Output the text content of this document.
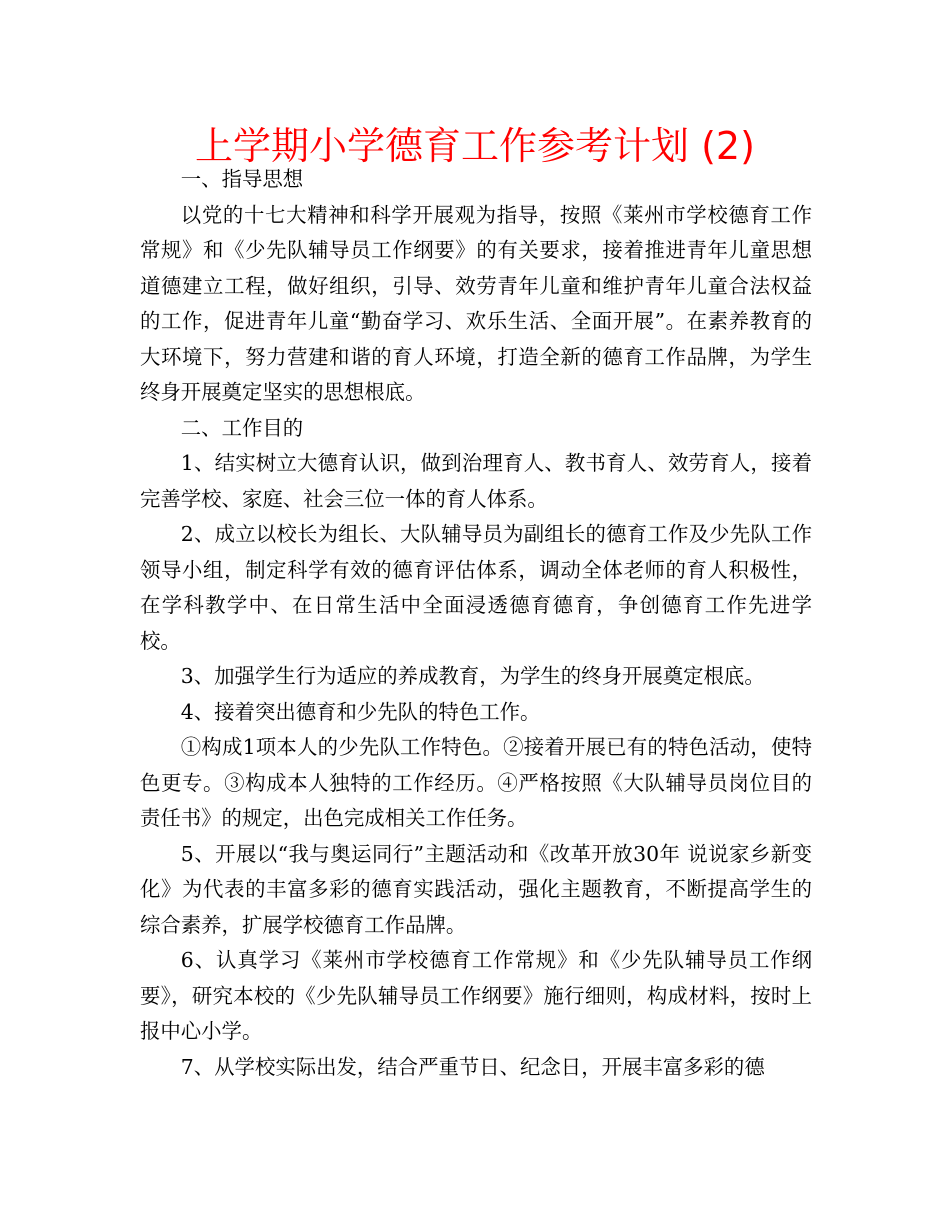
上学期小学德育工作参考计划 (2)

一、指导思想

以党的十七大精神和科学开展观为指导，按照《莱州市学校德育工作常规》和《少先队辅导员工作纲要》的有关要求，接着推进青年儿童思想道德建立工程，做好组织，引导、效劳青年儿童和维护青年儿童合法权益的工作，促进青年儿童“勤奋学习、欢乐生活、全面开展”。在素养教育的大环境下，努力营建和谐的育人环境，打造全新的德育工作品牌，为学生终身开展奠定坚实的思想根底。

二、工作目的

1、结实树立大德育认识，做到治理育人、教书育人、效劳育人，接着完善学校、家庭、社会三位一体的育人体系。

2、成立以校长为组长、大队辅导员为副组长的德育工作及少先队工作领导小组，制定科学有效的德育评估体系，调动全体老师的育人积极性，在学科教学中、在日常生活中全面浸透德育德育，争创德育工作先进学校。

3、加强学生行为适应的养成教育，为学生的终身开展奠定根底。

4、接着突出德育和少先队的特色工作。

①构成1项本人的少先队工作特色。②接着开展已有的特色活动，使特色更专。③构成本人独特的工作经历。④严格按照《大队辅导员岗位目的责任书》的规定，出色完成相关工作任务。

5、开展以“我与奥运同行”主题活动和《改革开放30年 说说家乡新变化》为代表的丰富多彩的德育实践活动，强化主题教育，不断提高学生的综合素养，扩展学校德育工作品牌。

6、认真学习《莱州市学校德育工作常规》和《少先队辅导员工作纲要》，研究本校的《少先队辅导员工作纲要》施行细则，构成材料，按时上报中心小学。

7、从学校实际出发，结合严重节日、纪念日，开展丰富多彩的德
